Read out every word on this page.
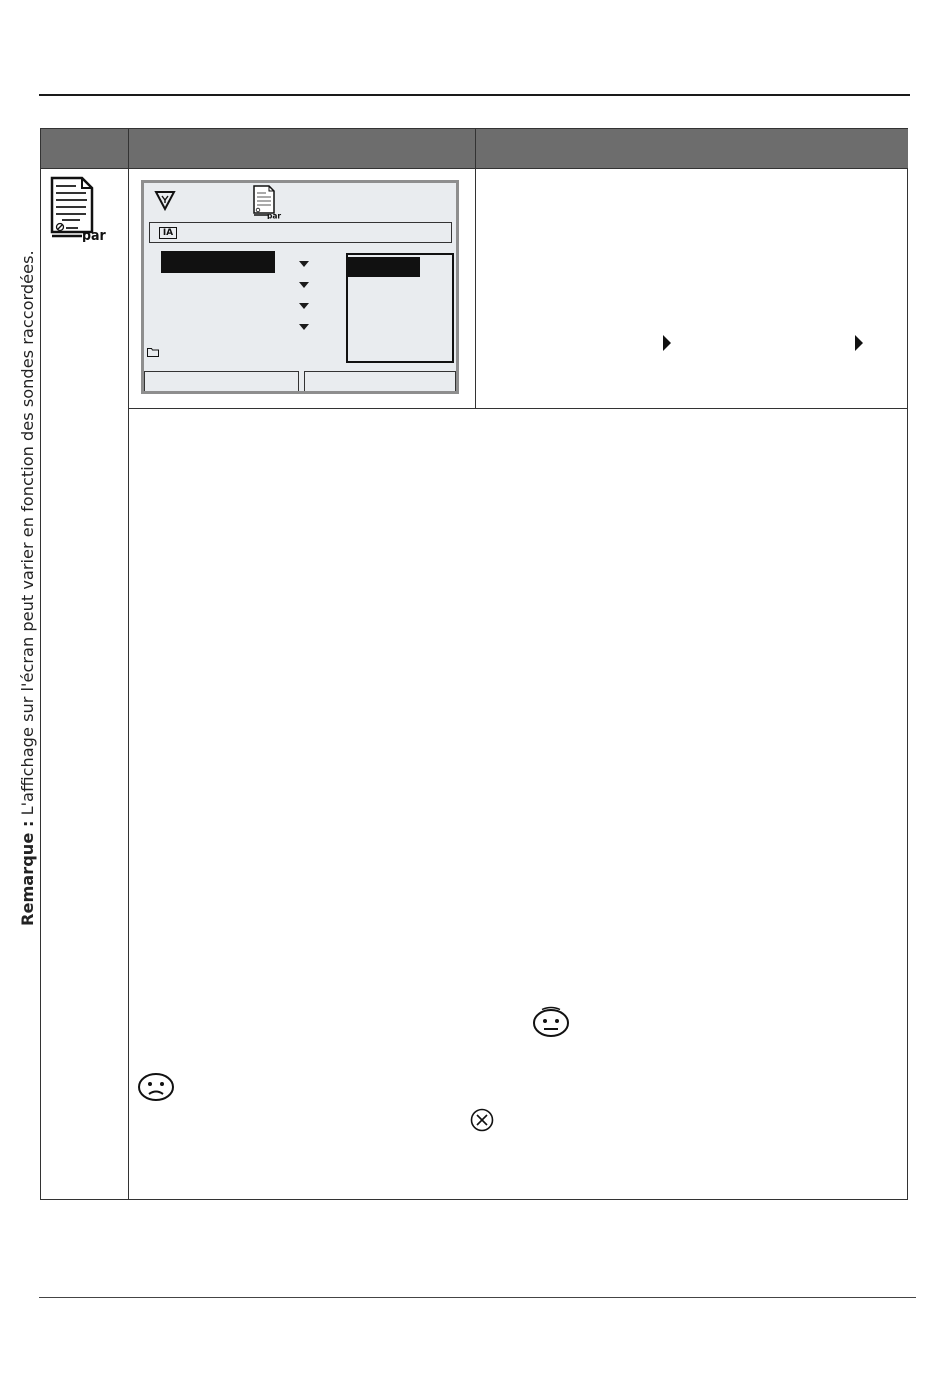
Remarque : L'affichage sur l'écran peut varier en fonction des sondes raccordées.
par
par
IA
